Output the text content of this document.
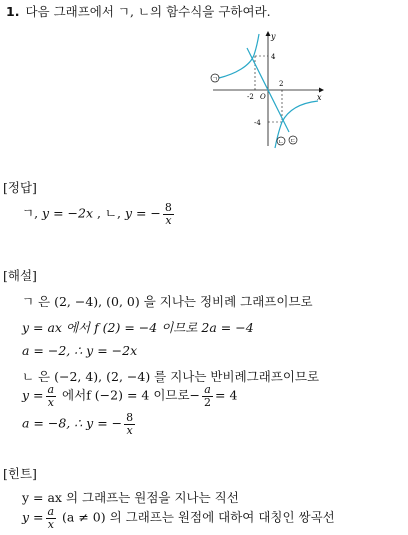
1. 다음 그래프에서 ㄱ, ㄴ의 함수식을 구하여라.
y
x
4
-2 O
2
-4
ㄱ
ㄴ ㄷ
[정답]
ㄱ, y = −2x , ㄴ, y = − $\frac{8}{x}$
[해설]
ㄱ 은 (2, −4), (0, 0) 을 지나는 정비례 그래프이므로
y = ax 에서 f (2) = −4 이므로 2a = −4
a = −2, ∴ y = −2x
ㄴ 은 (−2, 4), (2, −4) 를 지나는 반비례그래프이므로
$y = \frac{a}{x}$ 에서f (−2) = 4 이므로− $\frac{a}{2} = 4$
a = −8, ∴ y = − $\frac{8}{x}$
[힌트]
y = ax 의 그래프는 원점을 지나는 직선
$y = \frac{a}{x} (a \ne 0)$ 의 그래프는 원점에 대하여 대칭인 쌍곡선
